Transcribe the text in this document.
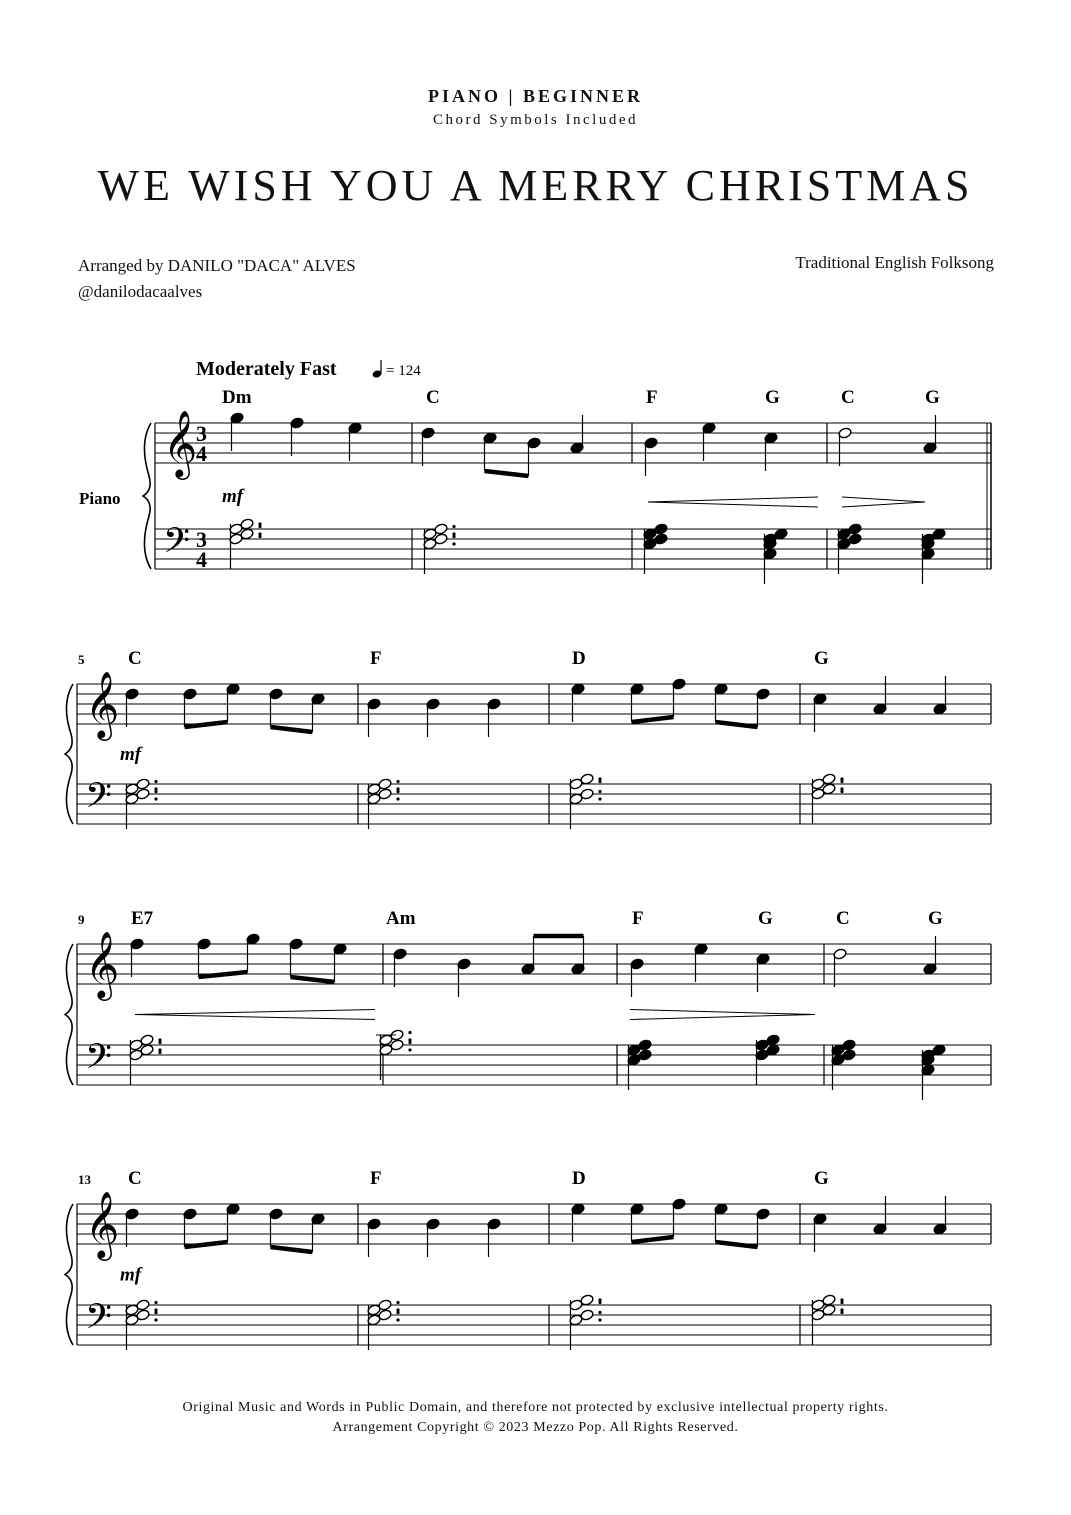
PIANO | BEGINNER
Chord Symbols Included
WE WISH YOU A MERRY CHRISTMAS
Arranged by DANILO "DACA" ALVES
@danilodacaalves
Traditional English Folksong
Moderately Fast	= 124
Piano
𝄞
𝄢
3
4
3
4
Dm	C	F	G	C	G
mf
𝄞
𝄢
5 C	F	D	G
mf
𝄞
𝄢
9 E7	Am	F	G	C	G
𝄞
𝄢
13 C	F	D	G
mf
Original Music and Words in Public Domain, and therefore not protected by exclusive intellectual property rights.
Arrangement Copyright © 2023 Mezzo Pop. All Rights Reserved.
